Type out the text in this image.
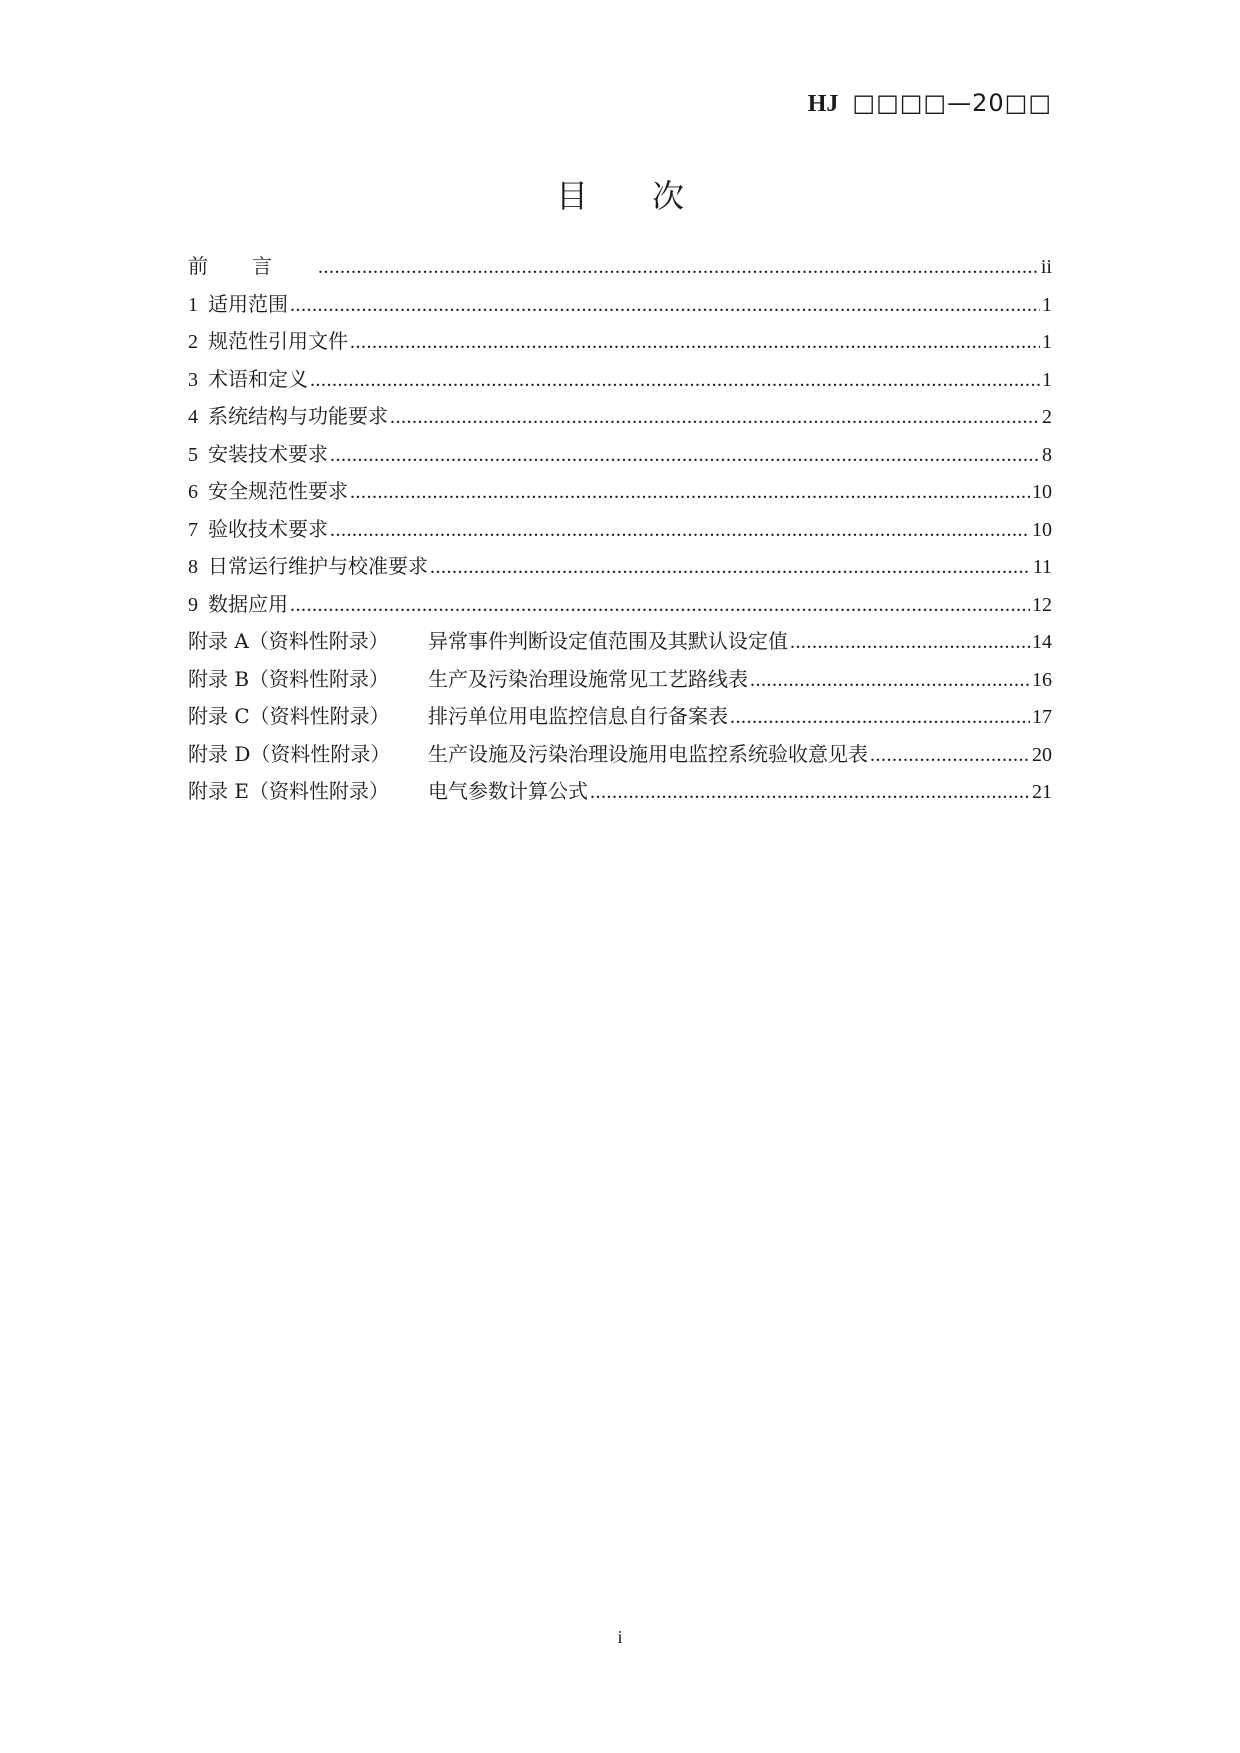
HJ □□□□—20□□
目次
前言 .....	ii
1 适用范围 .....	1
2 规范性引用文件 .....	1
3 术语和定义 .....	1
4 系统结构与功能要求 .....	2
5 安装技术要求 .....	8
6 安全规范性要求 .....	10
7 验收技术要求 .....	10
8 日常运行维护与校准要求 .....	11
9 数据应用 .....	12
附录 A（资料性附录） 异常事件判断设定值范围及其默认设定值 .....	14
附录 B（资料性附录） 生产及污染治理设施常见工艺路线表 .....	16
附录 C（资料性附录） 排污单位用电监控信息自行备案表 .....	17
附录 D（资料性附录） 生产设施及污染治理设施用电监控系统验收意见表 .....	20
附录 E（资料性附录） 电气参数计算公式 .....	21
i
